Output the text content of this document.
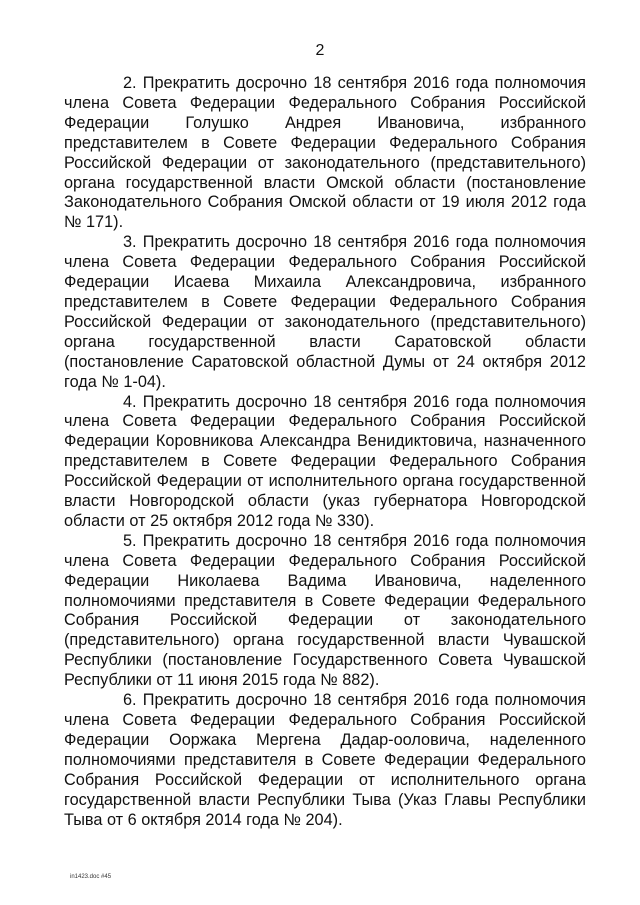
2

2. Прекратить досрочно 18 сентября 2016 года полномочия члена Совета Федерации Федерального Собрания Российской Федерации Голушко Андрея Ивановича, избранного представителем в Совете Федерации Федерального Собрания Российской Федерации от законодательного (представительного) органа государственной власти Омской области (постановление Законодательного Собрания Омской области от 19 июля 2012 года № 171).

3. Прекратить досрочно 18 сентября 2016 года полномочия члена Совета Федерации Федерального Собрания Российской Федерации Исаева Михаила Александровича, избранного представителем в Совете Федерации Федерального Собрания Российской Федерации от законодательного (представительного) органа государственной власти Саратовской области (постановление Саратовской областной Думы от 24 октября 2012 года № 1-04).

4. Прекратить досрочно 18 сентября 2016 года полномочия члена Совета Федерации Федерального Собрания Российской Федерации Коровникова Александра Венидиктовича, назначенного представителем в Совете Федерации Федерального Собрания Российской Федерации от исполнительного органа государственной власти Новгородской области (указ губернатора Новгородской области от 25 октября 2012 года № 330).

5. Прекратить досрочно 18 сентября 2016 года полномочия члена Совета Федерации Федерального Собрания Российской Федерации Николаева Вадима Ивановича, наделенного полномочиями представителя в Совете Федерации Федерального Собрания Российской Федерации от законодательного (представительного) органа государственной власти Чувашской Республики (постановление Государственного Совета Чувашской Республики от 11 июня 2015 года № 882).

6. Прекратить досрочно 18 сентября 2016 года полномочия члена Совета Федерации Федерального Собрания Российской Федерации Ооржака Мергена Дадар-ооловича, наделенного полномочиями представителя в Совете Федерации Федерального Собрания Российской Федерации от исполнительного органа государственной власти Республики Тыва (Указ Главы Республики Тыва от 6 октября 2014 года № 204).

in1423.doc #45
